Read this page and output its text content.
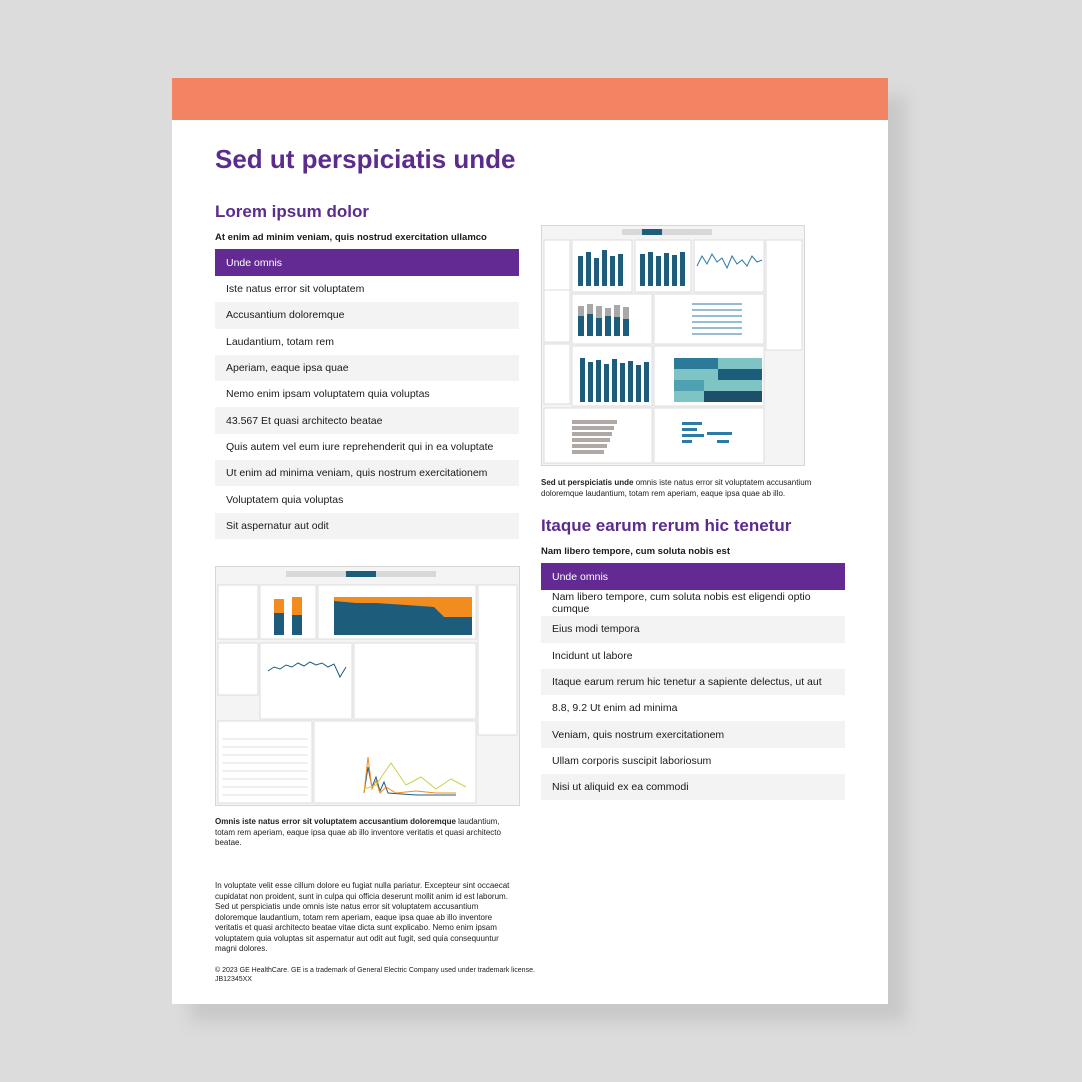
Sed ut perspiciatis unde
Lorem ipsum dolor
At enim ad minim veniam, quis nostrud exercitation ullamco
Unde omnis
Iste natus error sit voluptatem
Accusantium doloremque
Laudantium, totam rem
Aperiam, eaque ipsa quae
Nemo enim ipsam voluptatem quia voluptas
43.567 Et quasi architecto beatae
Quis autem vel eum iure reprehenderit qui in ea voluptate
Ut enim ad minima veniam, quis nostrum exercitationem
Voluptatem quia voluptas
Sit aspernatur aut odit
Sed ut perspiciatis unde omnis iste natus error sit voluptatem accusantium doloremque laudantium, totam rem aperiam, eaque ipsa quae ab illo.
Itaque earum rerum hic tenetur
Nam libero tempore, cum soluta nobis est
Unde omnis
Nam libero tempore, cum soluta nobis est eligendi optio cumque
Eius modi tempora
Incidunt ut labore
Itaque earum rerum hic tenetur a sapiente delectus, ut aut
8.8, 9.2 Ut enim ad minima
Veniam, quis nostrum exercitationem
Ullam corporis suscipit laboriosum
Nisi ut aliquid ex ea commodi
Omnis iste natus error sit voluptatem accusantium doloremque laudantium, totam rem aperiam, eaque ipsa quae ab illo inventore veritatis et quasi architecto beatae.
In voluptate velit esse cillum dolore eu fugiat nulla pariatur. Excepteur sint occaecat cupidatat non proident, sunt in culpa qui officia deserunt mollit anim id est laborum. Sed ut perspiciatis unde omnis iste natus error sit voluptatem accusantium doloremque laudantium, totam rem aperiam, eaque ipsa quae ab illo inventore veritatis et quasi architecto beatae vitae dicta sunt explicabo. Nemo enim ipsam voluptatem quia voluptas sit aspernatur aut odit aut fugit, sed quia consequuntur magni dolores.
© 2023 GE HealthCare. GE is a trademark of General Electric Company used under trademark license.
JB12345XX
